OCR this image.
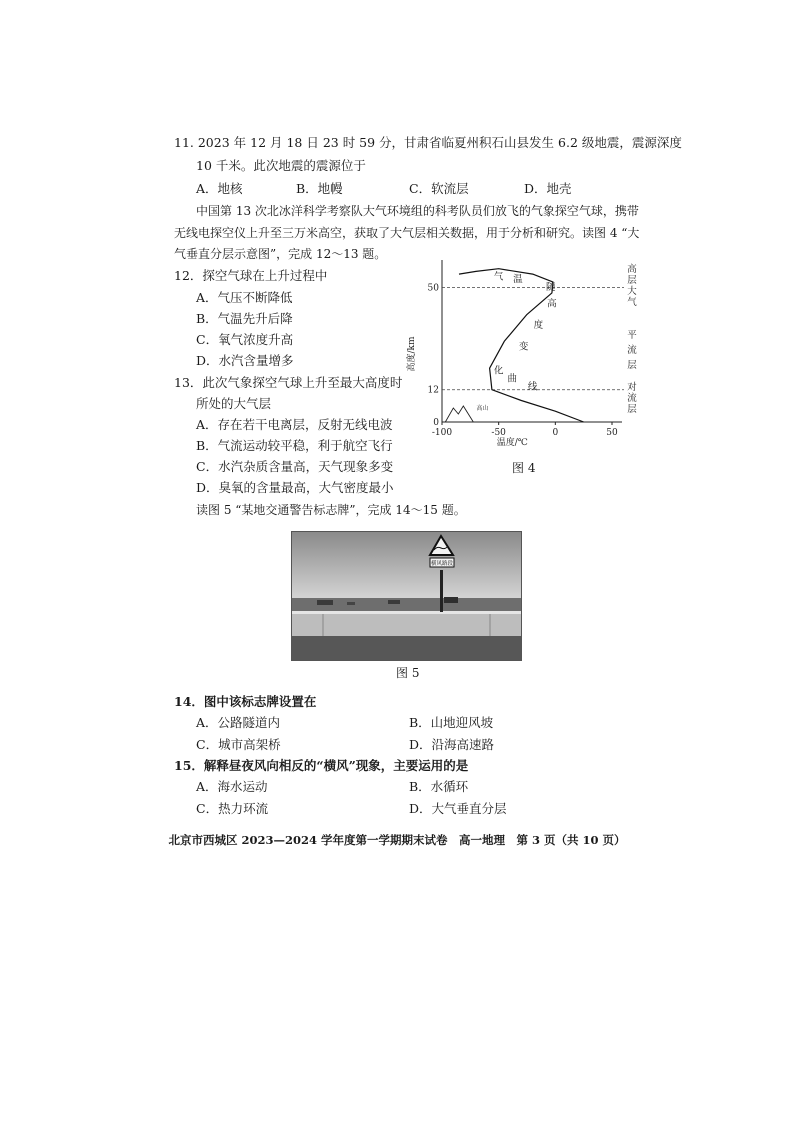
11. 2023 年 12 月 18 日 23 时 59 分，甘肃省临夏州积石山县发生 6.2 级地震，震源深度
10 千米。此次地震的震源位于
A．地核	B．地幔	C．软流层	D．地壳
中国第 13 次北冰洋科学考察队大气环境组的科考队员们放飞的气象探空气球，携带
无线电探空仪上升至三万米高空，获取了大气层相关数据，用于分析和研究。读图 4 “大
气垂直分层示意图”，完成 12～13 题。
12．探空气球在上升过程中
A．气压不断降低
B．气温先升后降
C．氧气浓度升高
D．水汽含量增多
13．此次气象探空气球上升至最大高度时
所处的大气层
A．存在若干电离层，反射无线电波
B．气流运动较平稳，利于航空飞行
C．水汽杂质含量高，天气现象多变
D．臭氧的含量最高，大气密度最小
-100	-50	0	50
0
12
50
温度/℃
高度/km
气 温
随
高
度
变
化
曲
线
高山
高
层
大
气
平
流
层
对
流
层
图 4
读图 5 “某地交通警告标志牌”，完成 14～15 题。
横风路段
图 5
14．图中该标志牌设置在
A．公路隧道内	B．山地迎风坡
C．城市高架桥	D．沿海高速路
15．解释昼夜风向相反的“横风”现象，主要运用的是
A．海水运动	B．水循环
C．热力环流	D．大气垂直分层
北京市西城区 2023—2024 学年度第一学期期末试卷　高一地理　第 3 页（共 10 页）
